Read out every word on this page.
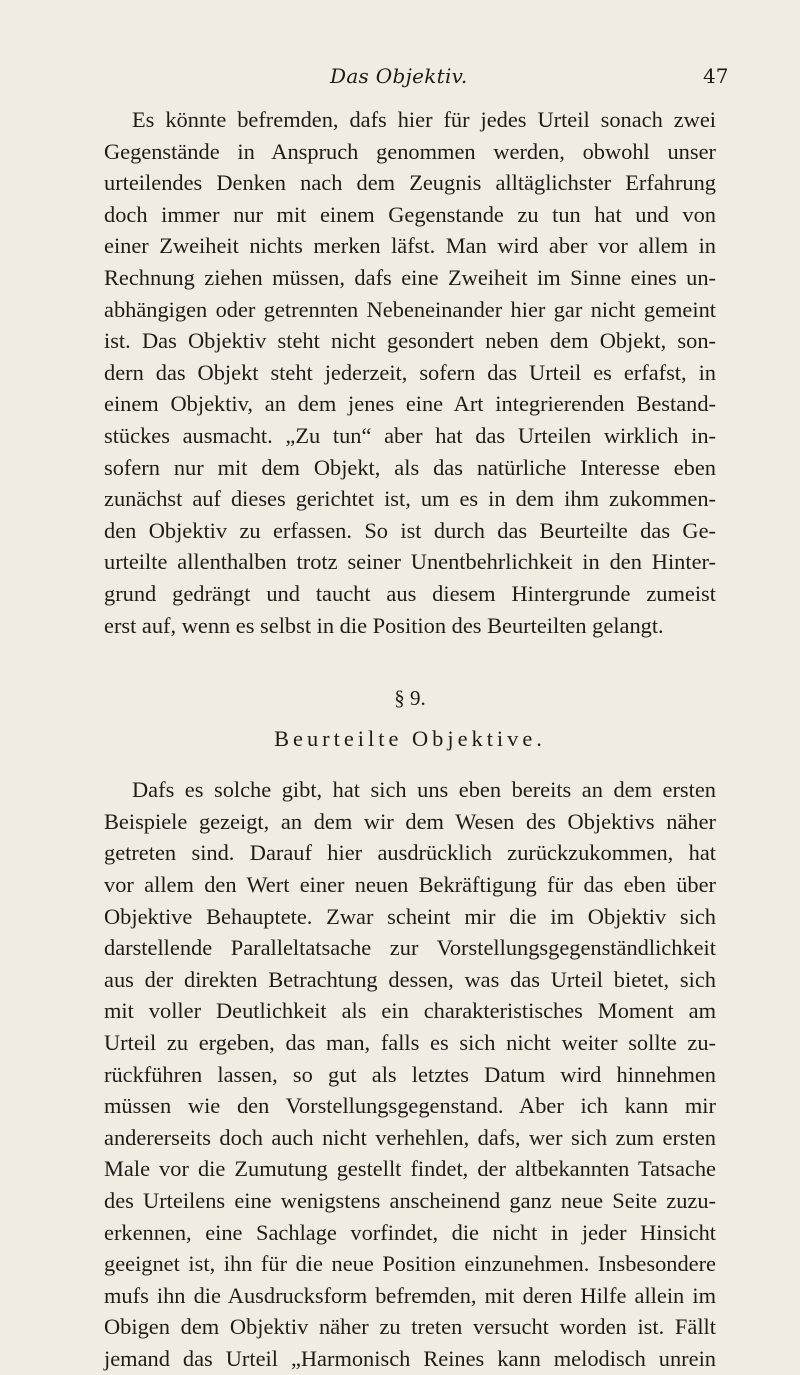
Das Objektiv.	47
Es könnte befremden, dafs hier für jedes Urteil sonach zwei
Gegenstände in Anspruch genommen werden, obwohl unser
urteilendes Denken nach dem Zeugnis alltäglichster Erfahrung
doch immer nur mit einem Gegenstande zu tun hat und von
einer Zweiheit nichts merken läfst. Man wird aber vor allem in
Rechnung ziehen müssen, dafs eine Zweiheit im Sinne eines un-
abhängigen oder getrennten Nebeneinander hier gar nicht gemeint
ist. Das Objektiv steht nicht gesondert neben dem Objekt, son-
dern das Objekt steht jederzeit, sofern das Urteil es erfafst, in
einem Objektiv, an dem jenes eine Art integrierenden Bestand-
stückes ausmacht. „Zu tun“ aber hat das Urteilen wirklich in-
sofern nur mit dem Objekt, als das natürliche Interesse eben
zunächst auf dieses gerichtet ist, um es in dem ihm zukommen-
den Objektiv zu erfassen. So ist durch das Beurteilte das Ge-
urteilte allenthalben trotz seiner Unentbehrlichkeit in den Hinter-
grund gedrängt und taucht aus diesem Hintergrunde zumeist
erst auf, wenn es selbst in die Position des Beurteilten gelangt.
§ 9.
Beurteilte Objektive.
Dafs es solche gibt, hat sich uns eben bereits an dem ersten
Beispiele gezeigt, an dem wir dem Wesen des Objektivs näher
getreten sind. Darauf hier ausdrücklich zurückzukommen, hat
vor allem den Wert einer neuen Bekräftigung für das eben über
Objektive Behauptete. Zwar scheint mir die im Objektiv sich
darstellende Paralleltatsache zur Vorstellungsgegenständlichkeit
aus der direkten Betrachtung dessen, was das Urteil bietet, sich
mit voller Deutlichkeit als ein charakteristisches Moment am
Urteil zu ergeben, das man, falls es sich nicht weiter sollte zu-
rückführen lassen, so gut als letztes Datum wird hinnehmen
müssen wie den Vorstellungsgegenstand. Aber ich kann mir
andererseits doch auch nicht verhehlen, dafs, wer sich zum ersten
Male vor die Zumutung gestellt findet, der altbekannten Tatsache
des Urteilens eine wenigstens anscheinend ganz neue Seite zuzu-
erkennen, eine Sachlage vorfindet, die nicht in jeder Hinsicht
geeignet ist, ihn für die neue Position einzunehmen. Insbesondere
mufs ihn die Ausdrucksform befremden, mit deren Hilfe allein im
Obigen dem Objektiv näher zu treten versucht worden ist. Fällt
jemand das Urteil „Harmonisch Reines kann melodisch unrein
